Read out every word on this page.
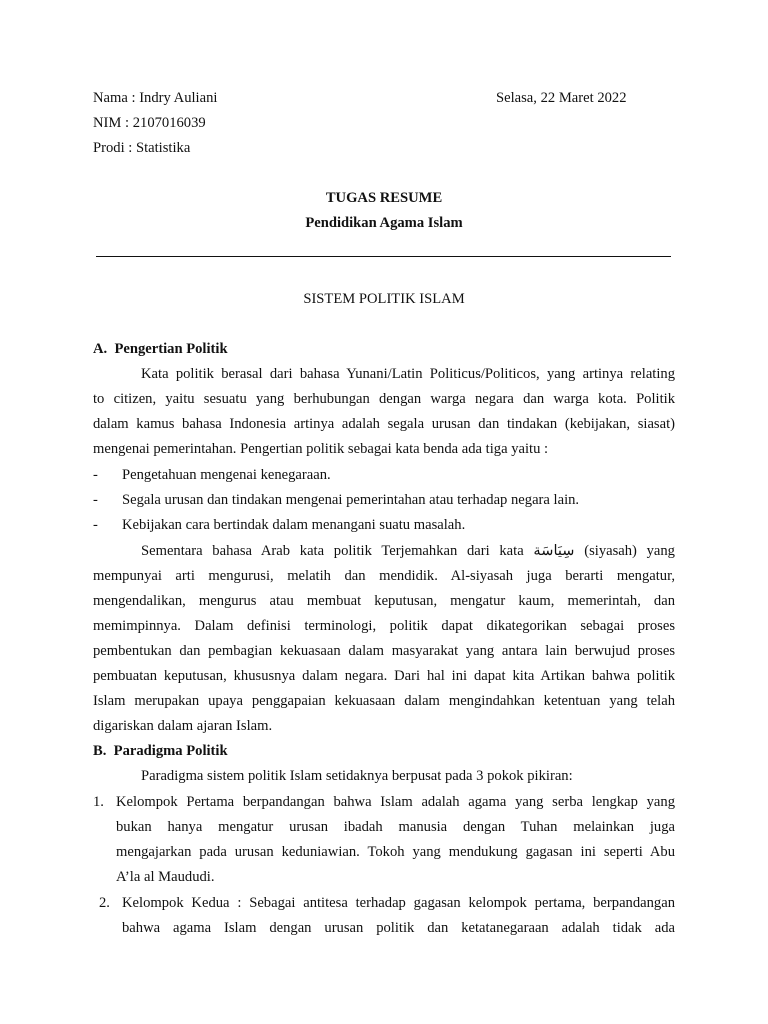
Nama : Indry Auliani	Selasa, 22 Maret 2022
NIM : 2107016039
Prodi : Statistika
TUGAS RESUME
Pendidikan Agama Islam
SISTEM POLITIK ISLAM
A.  Pengertian Politik
Kata politik berasal dari bahasa Yunani/Latin Politicus/Politicos, yang artinya relating
to citizen, yaitu sesuatu yang berhubungan dengan warga negara dan warga kota. Politik
dalam kamus bahasa Indonesia artinya adalah segala urusan dan tindakan (kebijakan, siasat)
mengenai pemerintahan. Pengertian politik sebagai kata benda ada tiga yaitu :
- Pengetahuan mengenai kenegaraan.
- Segala urusan dan tindakan mengenai pemerintahan atau terhadap negara lain.
- Kebijakan cara bertindak dalam menangani suatu masalah.
Sementara bahasa Arab kata politik Terjemahkan dari kata سِيَاسَة (siyasah) yang
mempunyai arti mengurusi, melatih dan mendidik. Al-siyasah juga berarti mengatur,
mengendalikan, mengurus atau membuat keputusan, mengatur kaum, memerintah, dan
memimpinnya. Dalam definisi terminologi, politik dapat dikategorikan sebagai proses
pembentukan dan pembagian kekuasaan dalam masyarakat yang antara lain berwujud proses
pembuatan keputusan, khususnya dalam negara. Dari hal ini dapat kita Artikan bahwa politik
Islam merupakan upaya penggapaian kekuasaan dalam mengindahkan ketentuan yang telah
digariskan dalam ajaran Islam.
B.  Paradigma Politik
Paradigma sistem politik Islam setidaknya berpusat pada 3 pokok pikiran:
1. Kelompok Pertama berpandangan bahwa Islam adalah agama yang serba lengkap yang
bukan hanya mengatur urusan ibadah manusia dengan Tuhan melainkan juga
mengajarkan pada urusan keduniawian. Tokoh yang mendukung gagasan ini seperti Abu
A’la al Maududi.
2. Kelompok Kedua : Sebagai antitesa terhadap gagasan kelompok pertama, berpandangan
bahwa agama Islam dengan urusan politik dan ketatanegaraan adalah tidak ada
